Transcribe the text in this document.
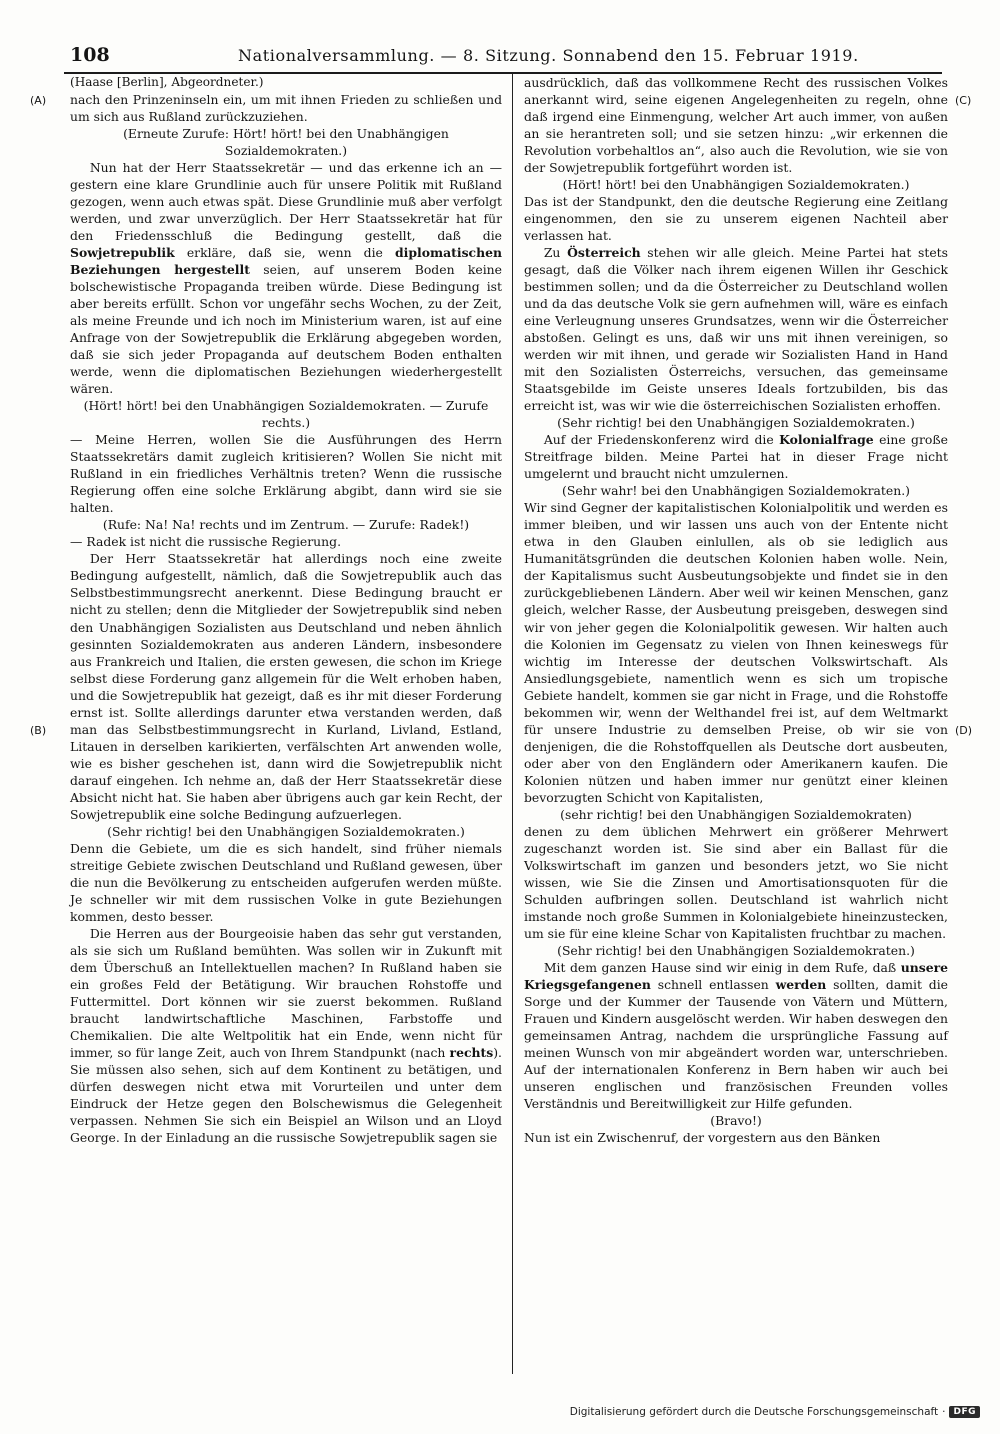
108	Nationalversammlung. — 8. Sitzung. Sonnabend den 15. Februar 1919.
(A)
(B)
(C)
(D)

(Haase [Berlin], Abgeordneter.)

nach den Prinzeninseln ein, um mit ihnen Frieden zu schließen und um sich aus Rußland zurückzuziehen.

(Erneute Zurufe: Hört! hört! bei den Unabhängigen Sozialdemokraten.)

Nun hat der Herr Staatssekretär — und das erkenne ich an — gestern eine klare Grundlinie auch für unsere Politik mit Rußland gezogen, wenn auch etwas spät. Diese Grundlinie muß aber verfolgt werden, und zwar unverzüglich. Der Herr Staatssekretär hat für den Friedensschluß die Bedingung gestellt, daß die Sowjetrepublik erkläre, daß sie, wenn die diplomatischen Beziehungen hergestellt seien, auf unserem Boden keine bolschewistische Propaganda treiben würde. Diese Bedingung ist aber bereits erfüllt. Schon vor ungefähr sechs Wochen, zu der Zeit, als meine Freunde und ich noch im Ministerium waren, ist auf eine Anfrage von der Sowjetrepublik die Erklärung abgegeben worden, daß sie sich jeder Propaganda auf deutschem Boden enthalten werde, wenn die diplomatischen Beziehungen wiederhergestellt wären.

(Hört! hört! bei den Unabhängigen Sozialdemokraten. — Zurufe rechts.)

— Meine Herren, wollen Sie die Ausführungen des Herrn Staatssekretärs damit zugleich kritisieren? Wollen Sie nicht mit Rußland in ein friedliches Verhältnis treten? Wenn die russische Regierung offen eine solche Erklärung abgibt, dann wird sie sie halten.

(Rufe: Na! Na! rechts und im Zentrum. — Zurufe: Radek!)

— Radek ist nicht die russische Regierung.

Der Herr Staatssekretär hat allerdings noch eine zweite Bedingung aufgestellt, nämlich, daß die Sowjetrepublik auch das Selbstbestimmungsrecht anerkennt. Diese Bedingung braucht er nicht zu stellen; denn die Mitglieder der Sowjetrepublik sind neben den Unabhängigen Sozialisten aus Deutschland und neben ähnlich gesinnten Sozialdemokraten aus anderen Ländern, insbesondere aus Frankreich und Italien, die ersten gewesen, die schon im Kriege selbst diese Forderung ganz allgemein für die Welt erhoben haben, und die Sowjetrepublik hat gezeigt, daß es ihr mit dieser Forderung ernst ist. Sollte allerdings darunter etwa verstanden werden, daß man das Selbstbestimmungsrecht in Kurland, Livland, Estland, Litauen in derselben karikierten, verfälschten Art anwenden wolle, wie es bisher geschehen ist, dann wird die Sowjetrepublik nicht darauf eingehen. Ich nehme an, daß der Herr Staatssekretär diese Absicht nicht hat. Sie haben aber übrigens auch gar kein Recht, der Sowjetrepublik eine solche Bedingung aufzuerlegen.

(Sehr richtig! bei den Unabhängigen Sozialdemokraten.)

Denn die Gebiete, um die es sich handelt, sind früher niemals streitige Gebiete zwischen Deutschland und Rußland gewesen, über die nun die Bevölkerung zu entscheiden aufgerufen werden müßte. Je schneller wir mit dem russischen Volke in gute Beziehungen kommen, desto besser.

Die Herren aus der Bourgeoisie haben das sehr gut verstanden, als sie sich um Rußland bemühten. Was sollen wir in Zukunft mit dem Überschuß an Intellektuellen machen? In Rußland haben sie ein großes Feld der Betätigung. Wir brauchen Rohstoffe und Futtermittel. Dort können wir sie zuerst bekommen. Rußland braucht landwirtschaftliche Maschinen, Farbstoffe und Chemikalien. Die alte Weltpolitik hat ein Ende, wenn nicht für immer, so für lange Zeit, auch von Ihrem Standpunkt (nach rechts). Sie müssen also sehen, sich auf dem Kontinent zu betätigen, und dürfen deswegen nicht etwa mit Vorurteilen und unter dem Eindruck der Hetze gegen den Bolschewismus die Gelegenheit verpassen. Nehmen Sie sich ein Beispiel an Wilson und an Lloyd George. In der Einladung an die russische Sowjetrepublik sagen sie

ausdrücklich, daß das vollkommene Recht des russischen Volkes anerkannt wird, seine eigenen Angelegenheiten zu regeln, ohne daß irgend eine Einmengung, welcher Art auch immer, von außen an sie herantreten soll; und sie setzen hinzu: „wir erkennen die Revolution vorbehaltlos an“, also auch die Revolution, wie sie von der Sowjetrepublik fortgeführt worden ist.

(Hört! hört! bei den Unabhängigen Sozialdemokraten.)

Das ist der Standpunkt, den die deutsche Regierung eine Zeitlang eingenommen, den sie zu unserem eigenen Nachteil aber verlassen hat.

Zu Österreich stehen wir alle gleich. Meine Partei hat stets gesagt, daß die Völker nach ihrem eigenen Willen ihr Geschick bestimmen sollen; und da die Österreicher zu Deutschland wollen und da das deutsche Volk sie gern aufnehmen will, wäre es einfach eine Verleugnung unseres Grundsatzes, wenn wir die Österreicher abstoßen. Gelingt es uns, daß wir uns mit ihnen vereinigen, so werden wir mit ihnen, und gerade wir Sozialisten Hand in Hand mit den Sozialisten Österreichs, versuchen, das gemeinsame Staatsgebilde im Geiste unseres Ideals fortzubilden, bis das erreicht ist, was wir wie die österreichischen Sozialisten erhoffen.

(Sehr richtig! bei den Unabhängigen Sozialdemokraten.)

Auf der Friedenskonferenz wird die Kolonialfrage eine große Streitfrage bilden. Meine Partei hat in dieser Frage nicht umgelernt und braucht nicht umzulernen.

(Sehr wahr! bei den Unabhängigen Sozialdemokraten.)

Wir sind Gegner der kapitalistischen Kolonialpolitik und werden es immer bleiben, und wir lassen uns auch von der Entente nicht etwa in den Glauben einlullen, als ob sie lediglich aus Humanitätsgründen die deutschen Kolonien haben wolle. Nein, der Kapitalismus sucht Ausbeutungsobjekte und findet sie in den zurückgebliebenen Ländern. Aber weil wir keinen Menschen, ganz gleich, welcher Rasse, der Ausbeutung preisgeben, deswegen sind wir von jeher gegen die Kolonialpolitik gewesen. Wir halten auch die Kolonien im Gegensatz zu vielen von Ihnen keineswegs für wichtig im Interesse der deutschen Volkswirtschaft. Als Ansiedlungsgebiete, namentlich wenn es sich um tropische Gebiete handelt, kommen sie gar nicht in Frage, und die Rohstoffe bekommen wir, wenn der Welthandel frei ist, auf dem Weltmarkt für unsere Industrie zu demselben Preise, ob wir sie von denjenigen, die die Rohstoffquellen als Deutsche dort ausbeuten, oder aber von den Engländern oder Amerikanern kaufen. Die Kolonien nützen und haben immer nur genützt einer kleinen bevorzugten Schicht von Kapitalisten,

(sehr richtig! bei den Unabhängigen Sozialdemokraten)

denen zu dem üblichen Mehrwert ein größerer Mehrwert zugeschanzt worden ist. Sie sind aber ein Ballast für die Volkswirtschaft im ganzen und besonders jetzt, wo Sie nicht wissen, wie Sie die Zinsen und Amortisationsquoten für die Schulden aufbringen sollen. Deutschland ist wahrlich nicht imstande noch große Summen in Kolonialgebiete hineinzustecken, um sie für eine kleine Schar von Kapitalisten fruchtbar zu machen.

(Sehr richtig! bei den Unabhängigen Sozialdemokraten.)

Mit dem ganzen Hause sind wir einig in dem Rufe, daß unsere Kriegsgefangenen schnell entlassen werden sollten, damit die Sorge und der Kummer der Tausende von Vätern und Müttern, Frauen und Kindern ausgelöscht werden. Wir haben deswegen den gemeinsamen Antrag, nachdem die ursprüngliche Fassung auf meinen Wunsch von mir abgeändert worden war, unterschrieben. Auf der internationalen Konferenz in Bern haben wir auch bei unseren englischen und französischen Freunden volles Verständnis und Bereitwilligkeit zur Hilfe gefunden.

(Bravo!)

Nun ist ein Zwischenruf, der vorgestern aus den Bänken

Digitalisierung gefördert durch die Deutsche Forschungsgemeinschaft · DFG
